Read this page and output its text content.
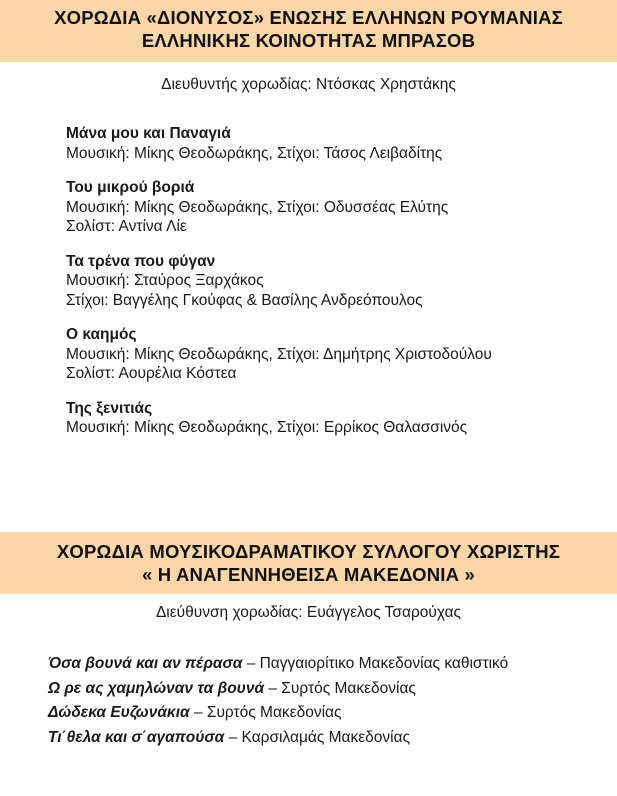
ΧΟΡΩΔΙΑ «ΔΙΟΝΥΣΟΣ» ΕΝΩΣΗΣ ΕΛΛΗΝΩΝ ΡΟΥΜΑΝΙΑΣ
ΕΛΛΗΝΙΚΗΣ ΚΟΙΝΟΤΗΤΑΣ ΜΠΡΑΣΟΒ
Διευθυντής χορωδίας: Ντόσκας Χρηστάκης
Μάνα μου και Παναγιά
Μουσική: Μίκης Θεοδωράκης, Στίχοι: Τάσος Λειβαδίτης
Του μικρού βοριά
Μουσική: Μίκης Θεοδωράκης, Στίχοι: Οδυσσέας Ελύτης
Σολίστ: Αντίνα Λίε
Τα τρένα που φύγαν
Μουσική: Σταύρος Ξαρχάκος
Στίχοι: Βαγγέλης Γκούφας & Βασίλης Ανδρεόπουλος
Ο καημός
Μουσική: Μίκης Θεοδωράκης, Στίχοι: Δημήτρης Χριστοδούλου
Σολίστ: Αουρέλια Κόστεα
Της ξενιτιάς
Μουσική: Μίκης Θεοδωράκης, Στίχοι: Ερρίκος Θαλασσινός
ΧΟΡΩΔΙΑ ΜΟΥΣΙΚΟΔΡΑΜΑΤΙΚΟΥ ΣΥΛΛΟΓΟΥ ΧΩΡΙΣΤΗΣ
« Η ΑΝΑΓΕΝΝΗΘΕΙΣΑ ΜΑΚΕΔΟΝΙΑ »
Διεύθυνση χορωδίας: Ευάγγελος Τσαρούχας
Όσα βουνά και αν πέρασα – Παγγαιορίτικο Μακεδονίας καθιστικό
Ω ρε ας χαμηλώναν τα βουνά – Συρτός Μακεδονίας
Δώδεκα Ευζωνάκια – Συρτός Μακεδονίας
Τι΄θελα και σ΄αγαπούσα – Καρσιλαμάς Μακεδονίας
